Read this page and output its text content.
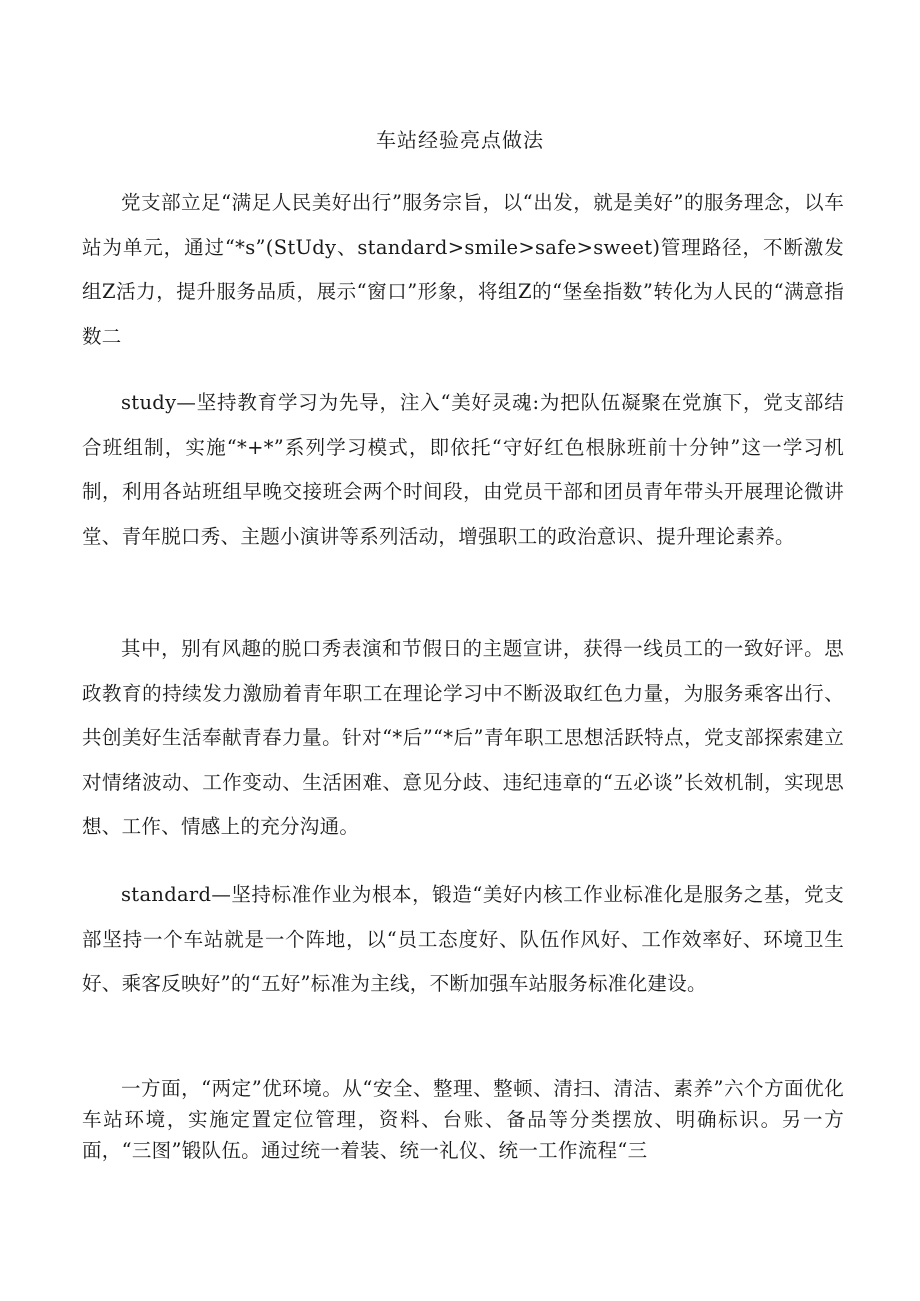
车站经验亮点做法

党支部立足“满足人民美好出行”服务宗旨，以“出发，就是美好”的服务理念，以车站为单元，通过“*s”(StUdy、standard>smile>safe>sweet)管理路径，不断激发组Z活力，提升服务品质，展示“窗口”形象，将组Z的“堡垒指数”转化为人民的“满意指数二

study—坚持教育学习为先导，注入“美好灵魂:为把队伍凝聚在党旗下，党支部结合班组制，实施“*+*”系列学习模式，即依托“守好红色根脉班前十分钟”这一学习机制，利用各站班组早晚交接班会两个时间段，由党员干部和团员青年带头开展理论微讲堂、青年脱口秀、主题小演讲等系列活动，增强职工的政治意识、提升理论素养。

其中，别有风趣的脱口秀表演和节假日的主题宣讲，获得一线员工的一致好评。思政教育的持续发力激励着青年职工在理论学习中不断汲取红色力量，为服务乘客出行、共创美好生活奉献青春力量。针对“*后”“*后”青年职工思想活跃特点，党支部探索建立对情绪波动、工作变动、生活困难、意见分歧、违纪违章的“五必谈”长效机制，实现思想、工作、情感上的充分沟通。

standard—坚持标准作业为根本，锻造“美好内核工作业标准化是服务之基，党支部坚持一个车站就是一个阵地，以“员工态度好、队伍作风好、工作效率好、环境卫生好、乘客反映好”的“五好”标准为主线，不断加强车站服务标准化建设。

一方面，“两定”优环境。从“安全、整理、整顿、清扫、清洁、素养”六个方面优化车站环境，实施定置定位管理，资料、台账、备品等分类摆放、明确标识。另一方面，“三图”锻队伍。通过统一着装、统一礼仪、统一工作流程“三
